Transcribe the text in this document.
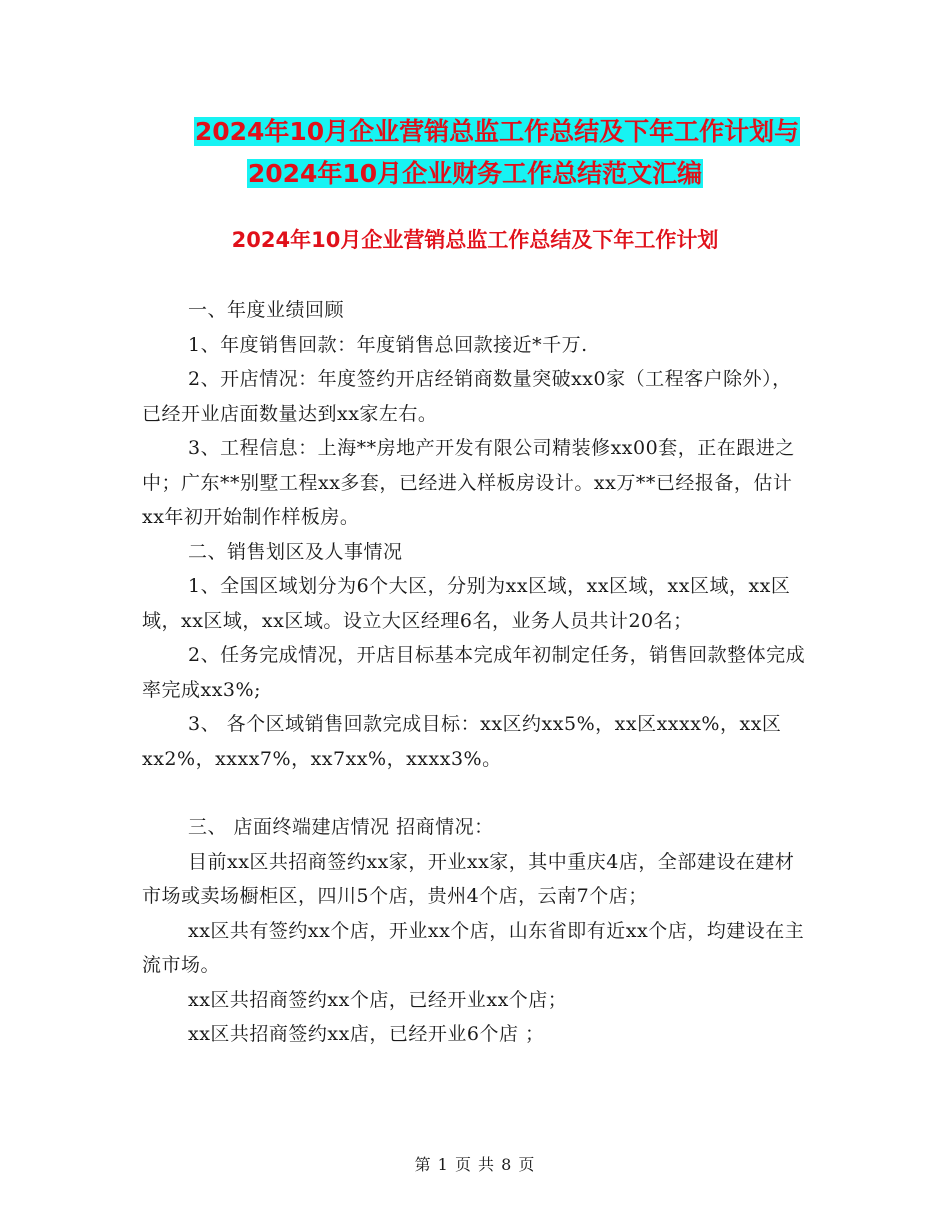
2024年10月企业营销总监工作总结及下年工作计划与
2024年10月企业财务工作总结范文汇编
2024年10月企业营销总监工作总结及下年工作计划

一、年度业绩回顾

1、年度销售回款：年度销售总回款接近*千万.

2、开店情况：年度签约开店经销商数量突破xx0家（工程客户除外），已经开业店面数量达到xx家左右。

3、工程信息：上海**房地产开发有限公司精装修xx00套，正在跟进之中；广东**别墅工程xx多套，已经进入样板房设计。xx万**已经报备，估计xx年初开始制作样板房。

二、销售划区及人事情况

1、全国区域划分为6个大区，分别为xx区域，xx区域，xx区域，xx区域，xx区域，xx区域。设立大区经理6名，业务人员共计20名；

2、任务完成情况，开店目标基本完成年初制定任务，销售回款整体完成率完成xx3%;

3、 各个区域销售回款完成目标：xx区约xx5%，xx区xxxx%，xx区xx2%，xxxx7%，xx7xx%，xxxx3%。

三、 店面终端建店情况 招商情况：

目前xx区共招商签约xx家，开业xx家，其中重庆4店，全部建设在建材市场或卖场橱柜区，四川5个店，贵州4个店，云南7个店；

xx区共有签约xx个店，开业xx个店，山东省即有近xx个店，均建设在主流市场。

xx区共招商签约xx个店，已经开业xx个店；

xx区共招商签约xx店，已经开业6个店 ；

第 1 页 共 8 页
